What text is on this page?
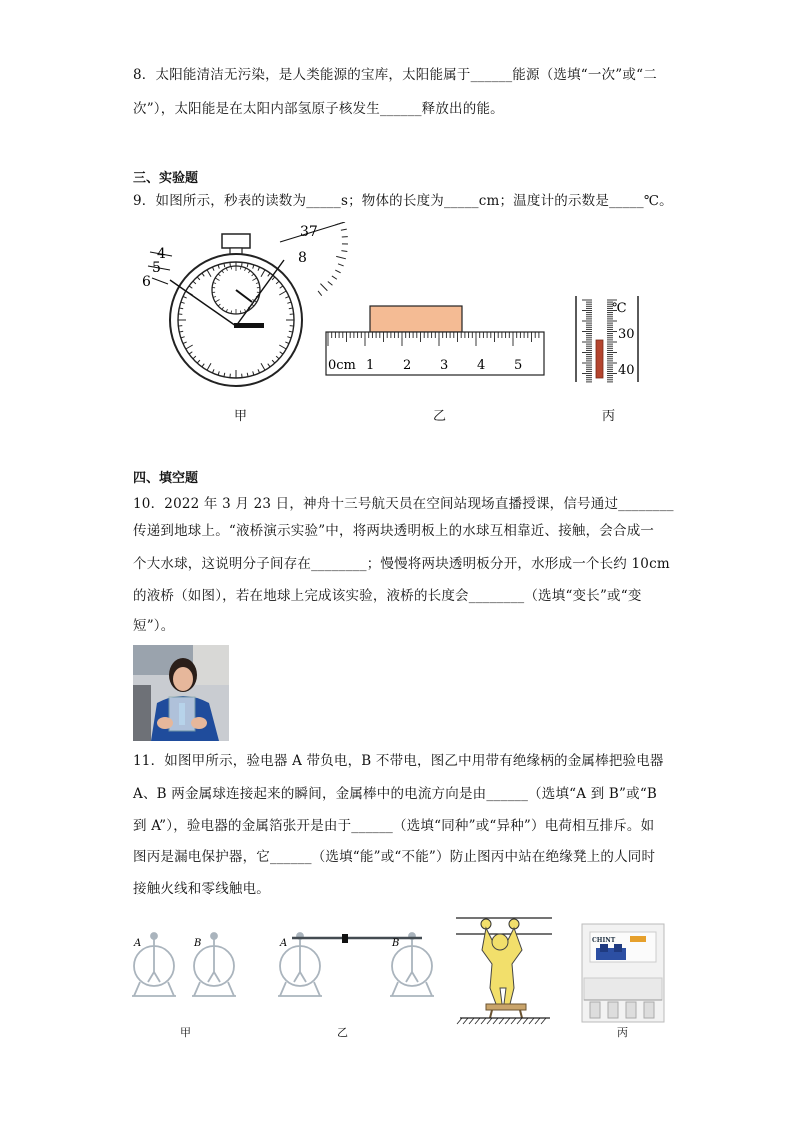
8．太阳能清洁无污染，是人类能源的宝库，太阳能属于______能源（选填“一次”或“二
次”），太阳能是在太阳内部氢原子核发生______释放出的能。
三、实验题
9．如图所示，秒表的读数为_____s；物体的长度为_____cm；温度计的示数是_____℃。
4
5
6
37
8
0cm 1 2 3 4 5
℃
30
40
甲	乙	丙
四、填空题
10．2022 年 3 月 23 日，神舟十三号航天员在空间站现场直播授课，信号通过________
传递到地球上。“液桥演示实验”中，将两块透明板上的水球互相靠近、接触，会合成一
个大水球，这说明分子间存在________；慢慢将两块透明板分开，水形成一个长约 10cm
的液桥（如图），若在地球上完成该实验，液桥的长度会________（选填“变长”或“变
短”）。
11．如图甲所示，验电器 A 带负电，B 不带电，图乙中用带有绝缘柄的金属棒把验电器
A、B 两金属球连接起来的瞬间，金属棒中的电流方向是由______（选填“A 到 B”或“B
到 A”），验电器的金属箔张开是由于______（选填“同种”或“异种”）电荷相互排斥。如
图丙是漏电保护器，它______（选填“能”或“不能”）防止图丙中站在绝缘凳上的人同时
接触火线和零线触电。
A	B	A	B	CHINT
甲	乙	丙
